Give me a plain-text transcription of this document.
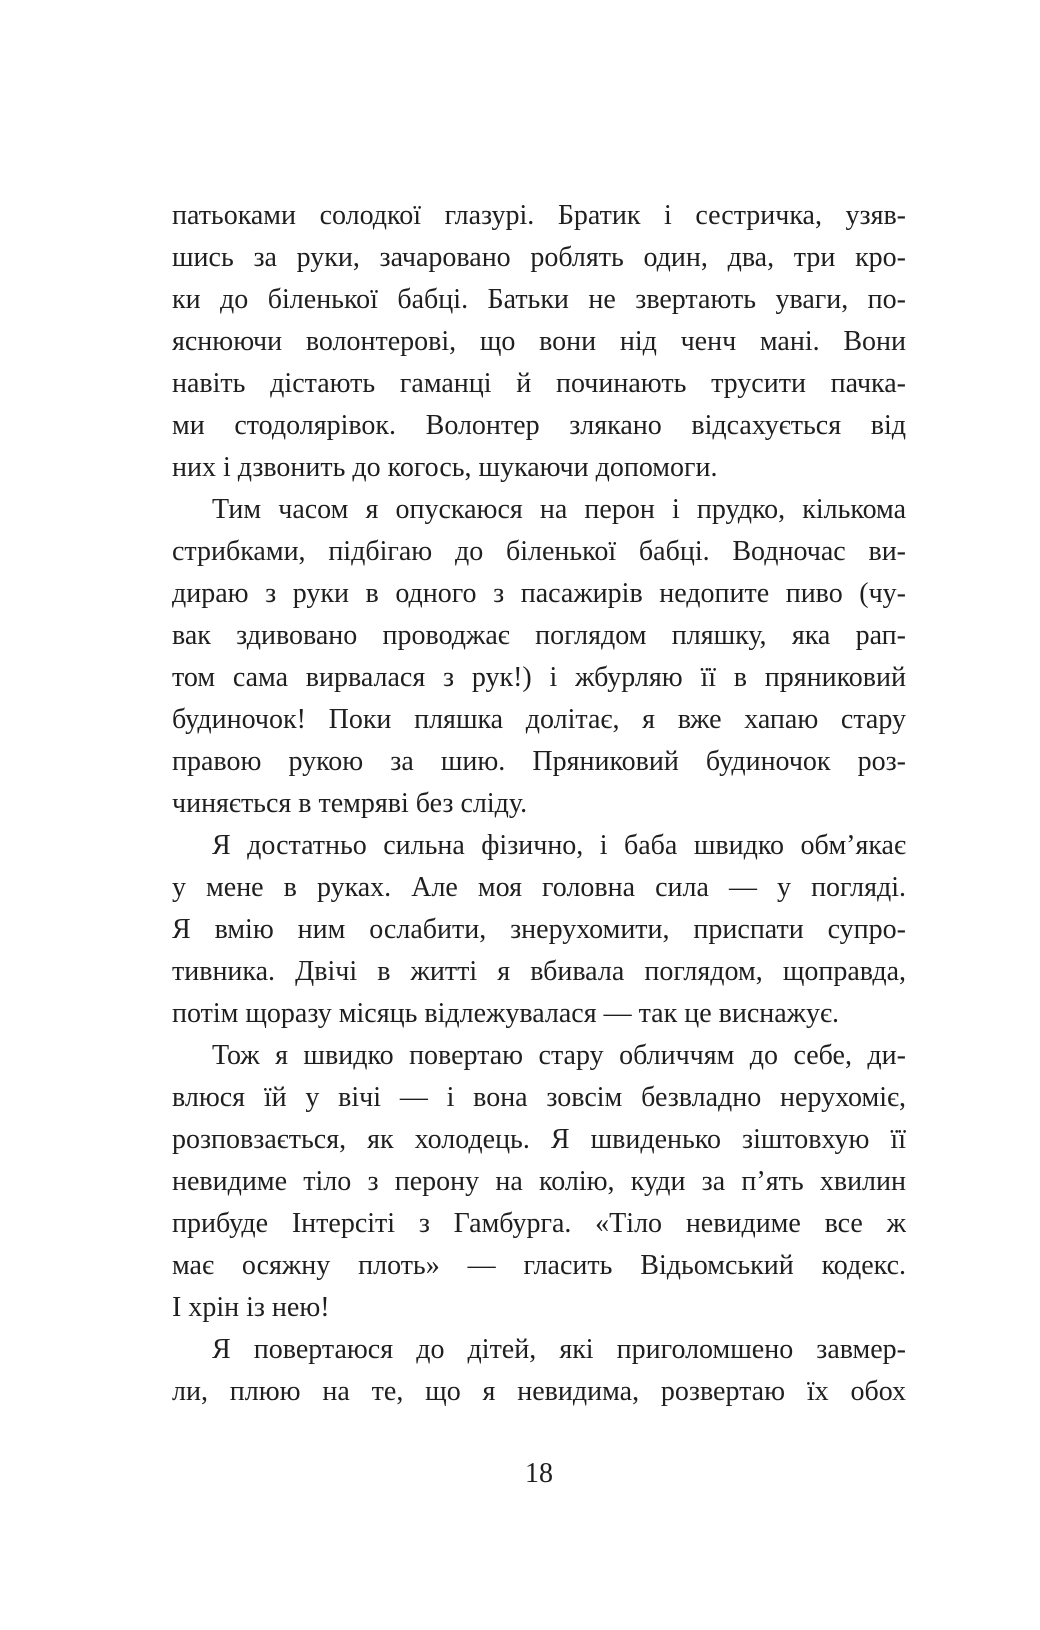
патьоками солодкої глазурі. Братик і сестричка, узяв-
шись за руки, зачаровано роблять один, два, три кро-
ки до біленької бабці. Батьки не звертають уваги, по-
яснюючи волонтерові, що вони нід ченч мані. Вони
навіть дістають гаманці й починають трусити пачка-
ми стодолярівок. Волонтер злякано відсахується від
них і дзвонить до когось, шукаючи допомоги.
Тим часом я опускаюся на перон і прудко, кількома
стрибками, підбігаю до біленької бабці. Водночас ви-
дираю з руки в одного з пасажирів недопите пиво (чу-
вак здивовано проводжає поглядом пляшку, яка рап-
том сама вирвалася з рук!) і жбурляю її в пряниковий
будиночок! Поки пляшка долітає, я вже хапаю стару
правою рукою за шию. Пряниковий будиночок роз-
чиняється в темряві без сліду.
Я достатньо сильна фізично, і баба швидко обм’якає
у мене в руках. Але моя головна сила — у погляді.
Я вмію ним ослабити, знерухомити, приспати супро-
тивника. Двічі в житті я вбивала поглядом, щоправда,
потім щоразу місяць відлежувалася — так це виснажує.
Тож я швидко повертаю стару обличчям до себе, ди-
влюся їй у вічі — і вона зовсім безвладно нерухоміє,
розповзається, як холодець. Я швиденько зіштовхую її
невидиме тіло з перону на колію, куди за п’ять хвилин
прибуде Інтерсіті з Гамбурга. «Тіло невидиме все ж
має осяжну плоть» — гласить Відьомський кодекс.
І хрін із нею!
Я повертаюся до дітей, які приголомшено завмер-
ли, плюю на те, що я невидима, розвертаю їх обох
18
